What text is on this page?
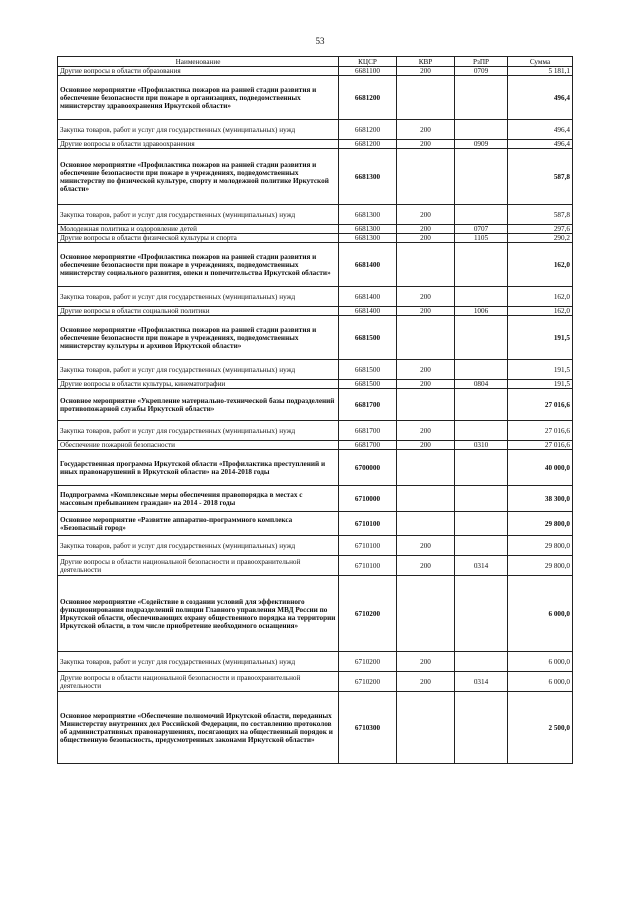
53
Наименование	КЦСР	КВР	РзПР	Сумма
Другие вопросы в области образования	6681100	200	0709	5 181,1
Основное мероприятие «Профилактика пожаров на ранней стадии развития и обеспечение безопасности при пожаре в организациях, подведомственных министерству здравоохранения Иркутской области»	6681200			496,4
Закупка товаров, работ и услуг для государственных (муниципальных) нужд	6681200	200		496,4
Другие вопросы в области здравоохранения	6681200	200	0909	496,4
Основное мероприятие «Профилактика пожаров на ранней стадии развития и обеспечение безопасности при пожаре в учреждениях, подведомственных министерству по физической культуре, спорту и молодежной политике Иркутской области»	6681300			587,8
Закупка товаров, работ и услуг для государственных (муниципальных) нужд	6681300	200		587,8
Молодежная политика и оздоровление детей	6681300	200	0707	297,6
Другие вопросы в области физической культуры и спорта	6681300	200	1105	290,2
Основное мероприятие «Профилактика пожаров на ранней стадии развития и обеспечение безопасности при пожаре в учреждениях, подведомственных министерству социального развития, опеки и попечительства Иркутской области»	6681400			162,0
Закупка товаров, работ и услуг для государственных (муниципальных) нужд	6681400	200		162,0
Другие вопросы в области социальной политики	6681400	200	1006	162,0
Основное мероприятие «Профилактика пожаров на ранней стадии развития и обеспечение безопасности при пожаре в учреждениях, подведомственных министерству культуры и архивов Иркутской области»	6681500			191,5
Закупка товаров, работ и услуг для государственных (муниципальных) нужд	6681500	200		191,5
Другие вопросы в области культуры, кинематографии	6681500	200	0804	191,5
Основное мероприятие «Укрепление материально-технической базы подразделений противопожарной службы Иркутской области»	6681700			27 016,6
Закупка товаров, работ и услуг для государственных (муниципальных) нужд	6681700	200		27 016,6
Обеспечение пожарной безопасности	6681700	200	0310	27 016,6
Государственная программа Иркутской области «Профилактика преступлений и иных правонарушений в Иркутской области» на 2014-2018 годы	6700000			40 000,0
Подпрограмма «Комплексные меры обеспечения правопорядка в местах с массовым пребыванием граждан» на 2014 - 2018 годы	6710000			38 300,0
Основное мероприятие «Развитие аппаратно-программного комплекса «Безопасный город»	6710100			29 800,0
Закупка товаров, работ и услуг для государственных (муниципальных) нужд	6710100	200		29 800,0
Другие вопросы в области национальной безопасности и правоохранительной деятельности	6710100	200	0314	29 800,0
Основное мероприятие «Содействие в создании условий для эффективного функционирования подразделений полиции Главного управления МВД России по Иркутской области, обеспечивающих охрану общественного порядка на территории Иркутской области, в том числе приобретение необходимого оснащения»	6710200			6 000,0
Закупка товаров, работ и услуг для государственных (муниципальных) нужд	6710200	200		6 000,0
Другие вопросы в области национальной безопасности и правоохранительной деятельности	6710200	200	0314	6 000,0
Основное мероприятие «Обеспечение полномочий Иркутской области, переданных Министерству внутренних дел Российской Федерации, по составлению протоколов об административных правонарушениях, посягающих на общественный порядок и общественную безопасность, предусмотренных законами Иркутской области»	6710300			2 500,0
